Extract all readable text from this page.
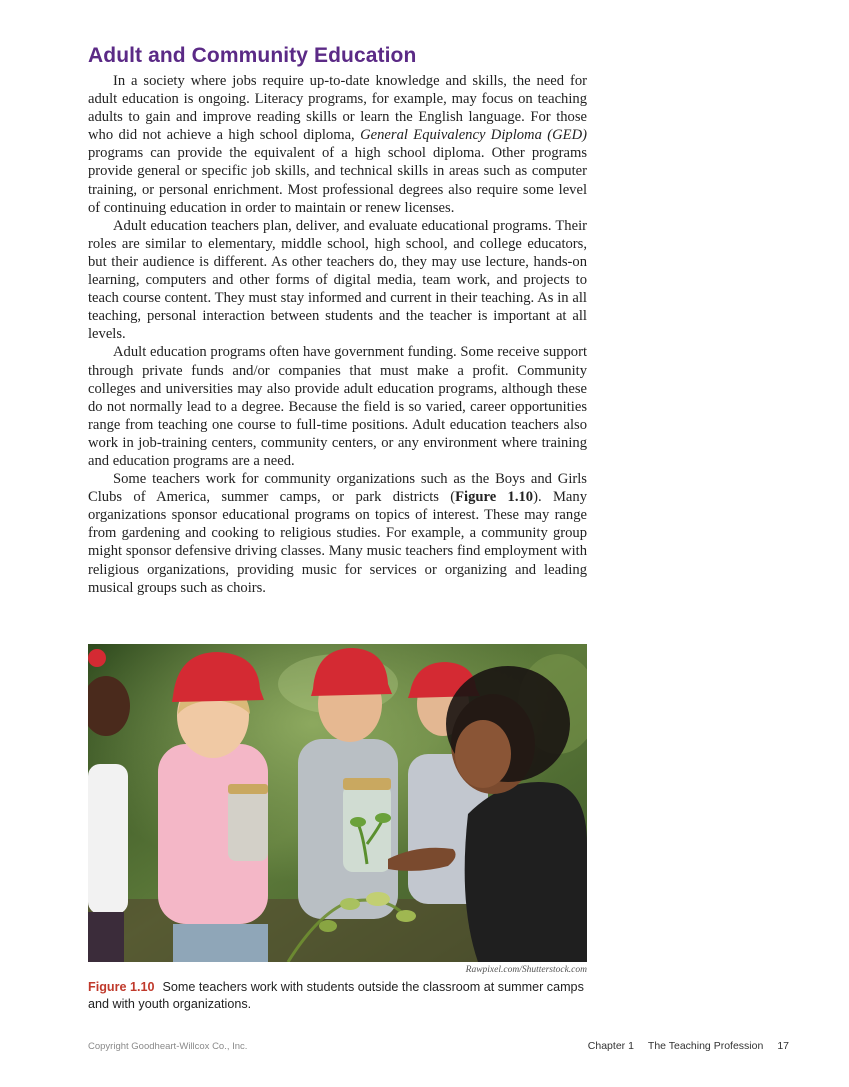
Adult and Community Education

In a society where jobs require up-to-date knowledge and skills, the need for adult education is ongoing. Literacy programs, for example, may focus on teaching adults to gain and improve reading skills or learn the English language. For those who did not achieve a high school diploma, General Equivalency Diploma (GED) programs can provide the equivalent of a high school diploma. Other programs provide general or specific job skills, and technical skills in areas such as computer training, or personal enrichment. Most professional degrees also require some level of continuing education in order to maintain or renew licenses.

Adult education teachers plan, deliver, and evaluate educational programs. Their roles are similar to elementary, middle school, high school, and college educators, but their audience is different. As other teachers do, they may use lecture, hands-on learning, computers and other forms of digital media, team work, and projects to teach course content. They must stay informed and current in their teaching. As in all teaching, personal interaction between students and the teacher is important at all levels.

Adult education programs often have government funding. Some receive support through private funds and/or companies that must make a profit. Community colleges and universities may also provide adult education programs, although these do not normally lead to a degree. Because the field is so varied, career opportunities range from teaching one course to full-time positions. Adult education teachers also work in job-training centers, community centers, or any environment where training and education programs are a need.

Some teachers work for community organizations such as the Boys and Girls Clubs of America, summer camps, or park districts (Figure 1.10). Many organizations sponsor educational programs on topics of interest. These may range from gardening and cooking to religious studies. For example, a community group might sponsor defensive driving classes. Many music teachers find employment with religious organizations, providing music for services or organizing and leading musical groups such as choirs.

Rawpixel.com/Shutterstock.com
Figure 1.10 Some teachers work with students outside the classroom at summer camps and with youth organizations.
Copyright Goodheart-Willcox Co., Inc.	Chapter 1 The Teaching Profession 17
